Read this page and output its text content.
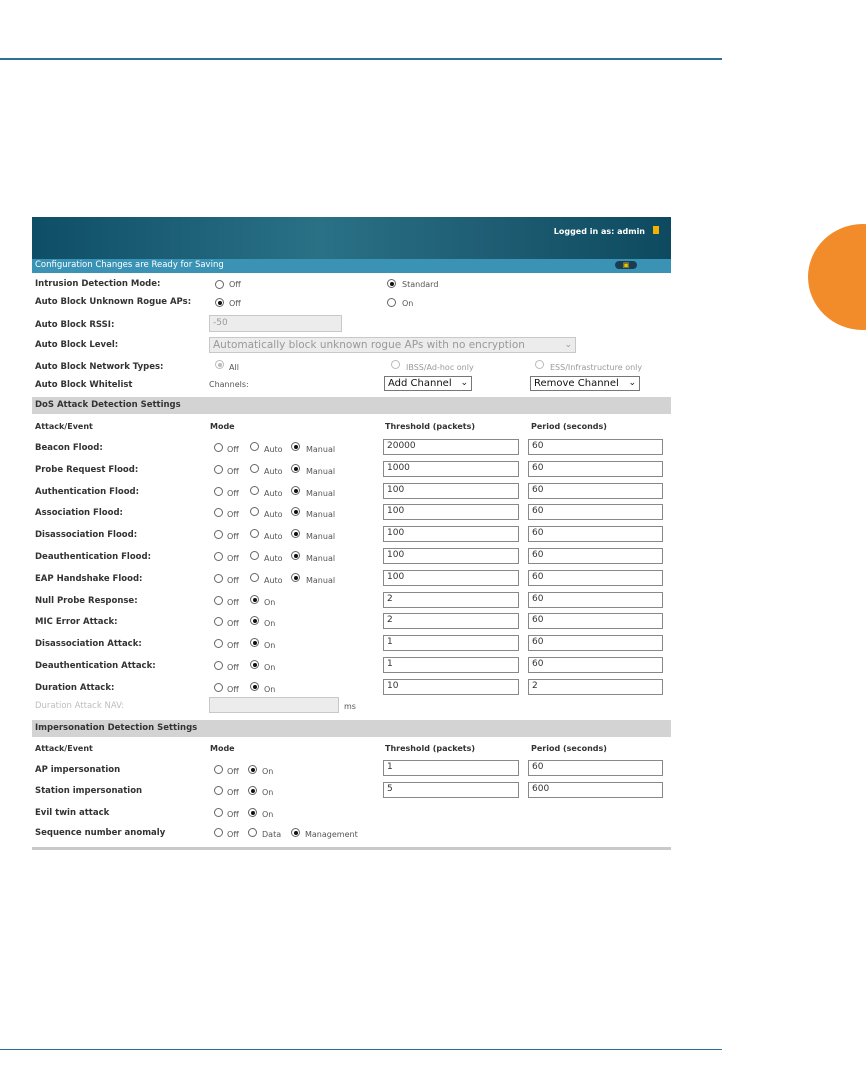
Logged in as: admin
Configuration Changes are Ready for Saving	▣
Intrusion Detection Mode:	Off	Standard
Auto Block Unknown Rogue APs:	Off	On
Auto Block RSSI:	-50
Auto Block Level:	Automatically block unknown rogue APs with no encryption	⌄
Auto Block Network Types:	All	IBSS/Ad-hoc only	ESS/Infrastructure only
Auto Block Whitelist	Channels:	Add Channel ⌄	Remove Channel ⌄
DoS Attack Detection Settings
Attack/Event	Mode	Threshold (packets)	Period (seconds)
Beacon Flood:	Off	Auto	Manual	20000	60
Probe Request Flood:	Off	Auto	Manual	1000	60
Authentication Flood:	Off	Auto	Manual	100	60
Association Flood:	Off	Auto	Manual	100	60
Disassociation Flood:	Off	Auto	Manual	100	60
Deauthentication Flood:	Off	Auto	Manual	100	60
EAP Handshake Flood:	Off	Auto	Manual	100	60
Null Probe Response:	Off	On	2	60
MIC Error Attack:	Off	On	2	60
Disassociation Attack:	Off	On	1	60
Deauthentication Attack:	Off	On	1	60
Duration Attack:	Off	On	10	2
Duration Attack NAV:	ms
Impersonation Detection Settings
Attack/Event	Mode	Threshold (packets)	Period (seconds)
AP impersonation	Off	On	1	60
Station impersonation	Off	On	5	600
Evil twin attack	Off	On
Sequence number anomaly	Off	Data	Management
